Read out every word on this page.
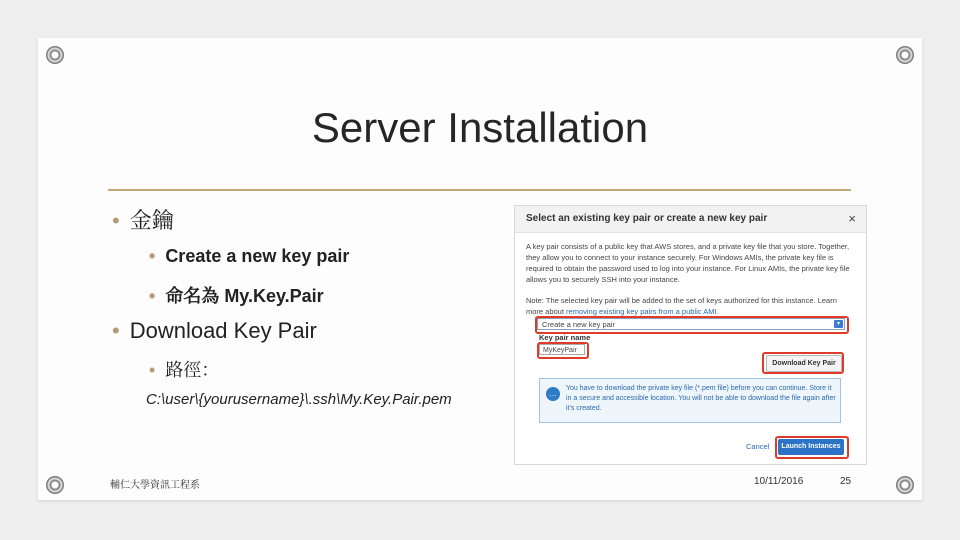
Server Installation
• 金鑰
• Create a new key pair
• 命名為 My.Key.Pair
• Download Key Pair
• 路徑：
C:\user\{yourusername}\.ssh\My.Key.Pair.pem
Select an existing key pair or create a new key pair	×
A key pair consists of a public key that AWS stores, and a private key file that you store. Together, they allow you to connect to your instance securely. For Windows AMIs, the private key file is required to obtain the password used to log into your instance. For Linux AMIs, the private key file allows you to securely SSH into your instance.
Note: The selected key pair will be added to the set of keys authorized for this instance. Learn more about removing existing key pairs from a public AMI.
Create a new key pair	▾
Key pair name
MyKeyPair
Download Key Pair
…
You have to download the private key file (*.pem file) before you can continue. Store it in a secure and accessible location. You will not be able to download the file again after it's created.
Cancel	Launch Instances
輔仁大學資訊工程系	10/11/2016	25
